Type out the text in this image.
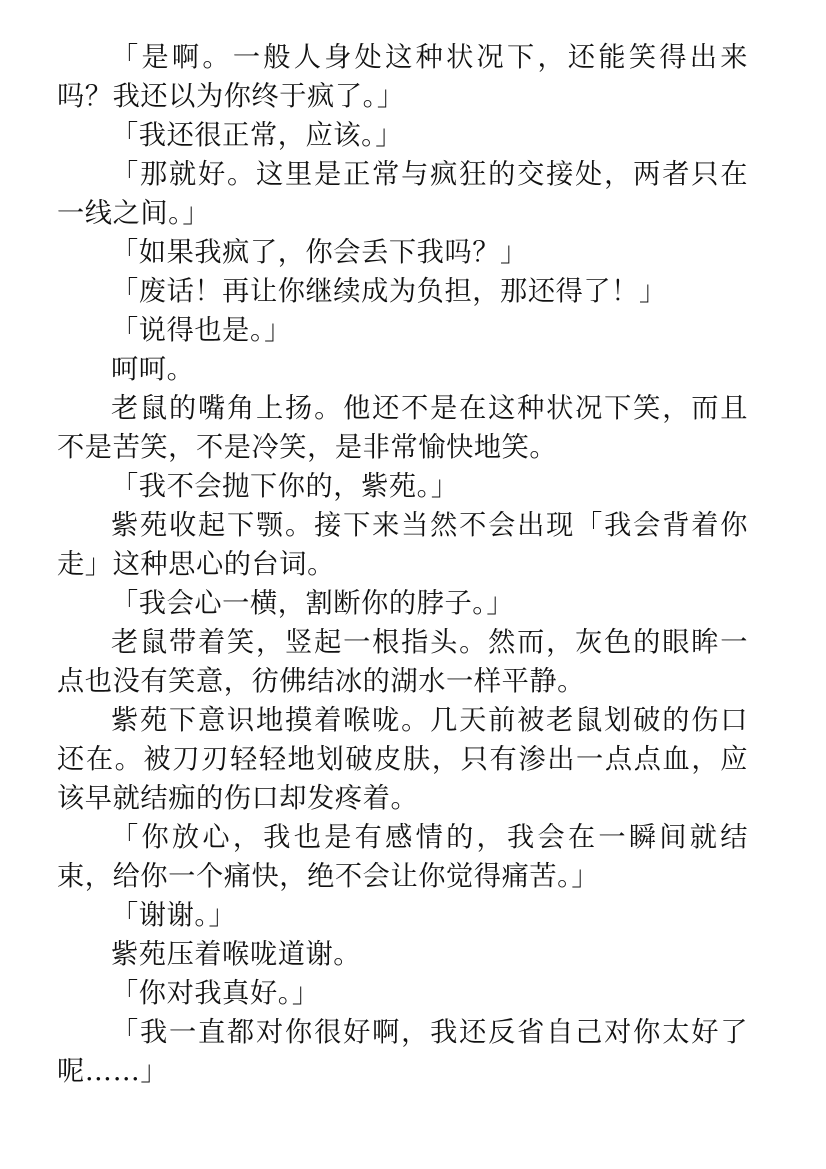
「是啊。一般人身处这种状况下，还能笑得出来吗？我还以为你终于疯了。」

「我还很正常，应该。」

「那就好。这里是正常与疯狂的交接处，两者只在一线之间。」

「如果我疯了，你会丢下我吗？」

「废话！再让你继续成为负担，那还得了！」

「说得也是。」

呵呵。

老鼠的嘴角上扬。他还不是在这种状况下笑，而且不是苦笑，不是冷笑，是非常愉快地笑。

「我不会抛下你的，紫苑。」

紫苑收起下颚。接下来当然不会出现「我会背着你走」这种思心的台词。

「我会心一横，割断你的脖子。」

老鼠带着笑，竖起一根指头。然而，灰色的眼眸一点也没有笑意，彷佛结冰的湖水一样平静。

紫苑下意识地摸着喉咙。几天前被老鼠划破的伤口还在。被刀刃轻轻地划破皮肤，只有渗出一点点血，应该早就结痂的伤口却发疼着。

「你放心，我也是有感情的，我会在一瞬间就结束，给你一个痛快，绝不会让你觉得痛苦。」

「谢谢。」

紫苑压着喉咙道谢。

「你对我真好。」

「我一直都对你很好啊，我还反省自己对你太好了呢……」
